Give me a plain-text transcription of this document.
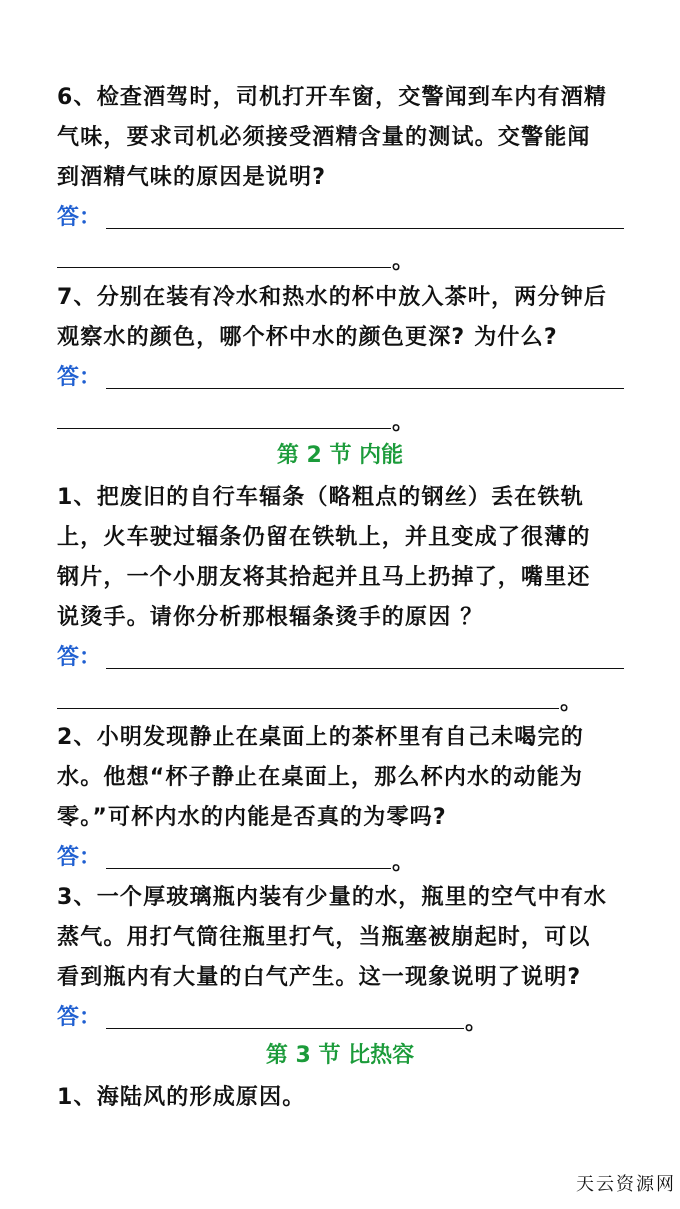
6、检查酒驾时，司机打开车窗，交警闻到车内有酒精
气味，要求司机必须接受酒精含量的测试。交警能闻
到酒精气味的原因是说明?
答：
。
7、分别在装有冷水和热水的杯中放入茶叶，两分钟后
观察水的颜色，哪个杯中水的颜色更深? 为什么?
答：
。
第 2 节 内能
1、把废旧的自行车辐条（略粗点的钢丝）丢在铁轨
上，火车驶过辐条仍留在铁轨上，并且变成了很薄的
钢片，一个小朋友将其拾起并且马上扔掉了，嘴里还
说烫手。请你分析那根辐条烫手的原因 ？
答：
。
2、小明发现静止在桌面上的茶杯里有自己未喝完的
水。他想“杯子静止在桌面上，那么杯内水的动能为
零。”可杯内水的内能是否真的为零吗?
答：	。
3、一个厚玻璃瓶内装有少量的水，瓶里的空气中有水
蒸气。用打气筒往瓶里打气，当瓶塞被崩起时，可以
看到瓶内有大量的白气产生。这一现象说明了说明?
答：	。
第 3 节 比热容
1、海陆风的形成原因。
天云资源网
